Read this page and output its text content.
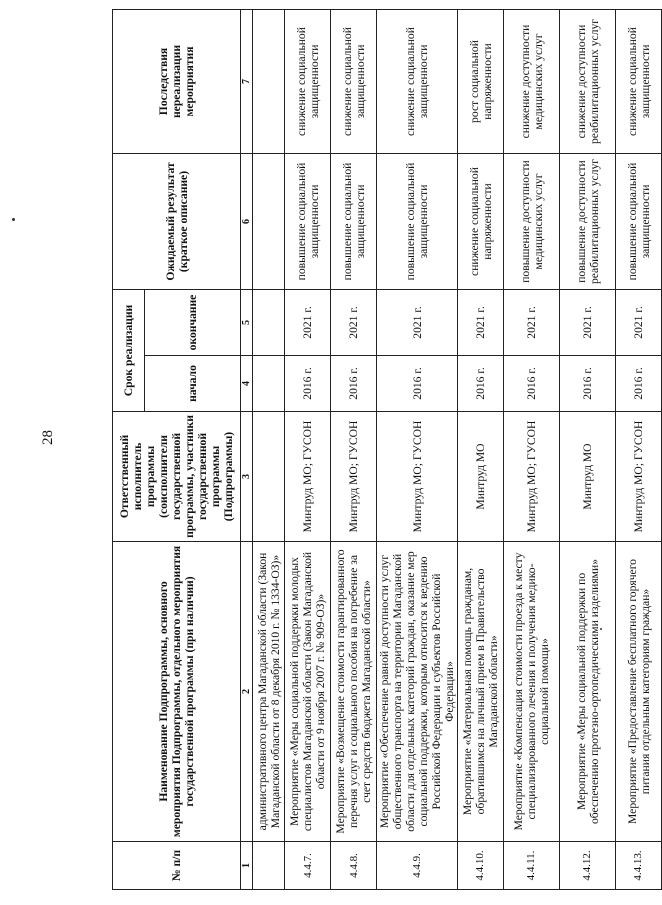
28
№ п/п	Наименование Подпрограммы, основного мероприятия Подпрограммы, отдельного мероприятия государственной программы (при наличии)	Ответственный исполнитель программы (соисполнители государственной программы, участники государственной программы (Подпрограммы)	Срок реализации		Ожидаемый результат (краткое описание)	Последствия нереализации мероприятия
			начало	окончание		
1	2	3	4	5	6	7
	административного центра Магаданской области (Закон Магаданской области от 8 декабря 2010 г. № 1334-ОЗ)»					
4.4.7.	Мероприятие «Меры социальной поддержки молодых специалистов Магаданской области (Закон Магаданской области от 9 ноября 2007 г. № 909-ОЗ)»	Минтруд МО; ГУСОН	2016 г.	2021 г.	повышение социальной защищенности	снижение социальной защищенности
4.4.8.	Мероприятие «Возмещение стоимости гарантированного перечня услуг и социального пособия на погребение за счет средств бюджета Магаданской области»	Минтруд МО; ГУСОН	2016 г.	2021 г.	повышение социальной защищенности	снижение социальной защищенности
4.4.9.	Мероприятие «Обеспечение равной доступности услуг общественного транспорта на территории Магаданской области для отдельных категорий граждан, оказание мер социальной поддержки, которым относится к ведению Российской Федерации и субъектов Российской Федерации»	Минтруд МО; ГУСОН	2016 г.	2021 г.	повышение социальной защищенности	снижение социальной защищенности
4.4.10.	Мероприятие «Материальная помощь гражданам, обратившимся на личный прием в Правительство Магаданской области»	Минтруд МО	2016 г.	2021 г.	снижение социальной напряженности	рост социальной напряженности
4.4.11.	Мероприятие «Компенсация стоимости проезда к месту специализированного лечения и получения медико-социальной помощи»	Минтруд МО; ГУСОН	2016 г.	2021 г.	повышение доступности медицинских услуг	снижение доступности медицинских услуг
4.4.12.	Мероприятие «Меры социальной поддержки по обеспечению протезно-ортопедическими изделиями»	Минтруд МО	2016 г.	2021 г.	повышение доступности реабилитационных услуг	снижение доступности реабилитационных услуг
4.4.13.	Мероприятие «Предоставление бесплатного горячего питания отдельным категориям граждан»	Минтруд МО; ГУСОН	2016 г.	2021 г.	повышение социальной защищенности	снижение социальной защищенности
